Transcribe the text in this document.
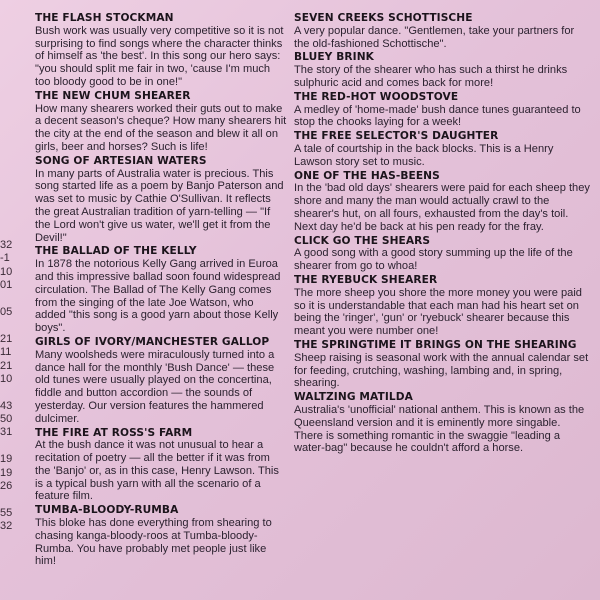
32
-1
10
01
05
21
11
21
10
43
50
31
19
19
26
55
32
THE FLASH STOCKMAN
Bush work was usually very competitive so it is not surprising to find songs where the character thinks of himself as 'the best'. In this song our hero says: "you should split me fair in two, 'cause I'm much too bloody good to be in one!"
THE NEW CHUM SHEARER
How many shearers worked their guts out to make a decent season's cheque? How many shearers hit the city at the end of the season and blew it all on girls, beer and horses? Such is life!
SONG OF ARTESIAN WATERS
In many parts of Australia water is precious. This song started life as a poem by Banjo Paterson and was set to music by Cathie O'Sullivan. It reflects the great Australian tradition of yarn-telling — "If the Lord won't give us water, we'll get it from the Devil!"
THE BALLAD OF THE KELLY
In 1878 the notorious Kelly Gang arrived in Euroa and this impressive ballad soon found widespread circulation. The Ballad of The Kelly Gang comes from the singing of the late Joe Watson, who added "this song is a good yarn about those Kelly boys".
GIRLS OF IVORY/MANCHESTER GALLOP
Many woolsheds were miraculously turned into a dance hall for the monthly 'Bush Dance' — these old tunes were usually played on the concertina, fiddle and button accordion — the sounds of yesterday. Our version features the hammered dulcimer.
THE FIRE AT ROSS'S FARM
At the bush dance it was not unusual to hear a recitation of poetry — all the better if it was from the 'Banjo' or, as in this case, Henry Lawson. This is a typical bush yarn with all the scenario of a feature film.
TUMBA-BLOODY-RUMBA
This bloke has done everything from shearing to chasing kanga-bloody-roos at Tumba-bloody-Rumba. You have probably met people just like him!
SEVEN CREEKS SCHOTTISCHE
A very popular dance. "Gentlemen, take your partners for the old-fashioned Schottische".
BLUEY BRINK
The story of the shearer who has such a thirst he drinks sulphuric acid and comes back for more!
THE RED-HOT WOODSTOVE
A medley of 'home-made' bush dance tunes guaranteed to stop the chooks laying for a week!
THE FREE SELECTOR'S DAUGHTER
A tale of courtship in the back blocks. This is a Henry Lawson story set to music.
ONE OF THE HAS-BEENS
In the 'bad old days' shearers were paid for each sheep they shore and many the man would actually crawl to the shearer's hut, on all fours, exhausted from the day's toil. Next day he'd be back at his pen ready for the fray.
CLICK GO THE SHEARS
A good song with a good story summing up the life of the shearer from go to whoa!
THE RYEBUCK SHEARER
The more sheep you shore the more money you were paid so it is understandable that each man had his heart set on being the 'ringer', 'gun' or 'ryebuck' shearer because this meant you were number one!
THE SPRINGTIME IT BRINGS ON THE SHEARING
Sheep raising is seasonal work with the annual calendar set for feeding, crutching, washing, lambing and, in spring, shearing.
WALTZING MATILDA
Australia's 'unofficial' national anthem. This is known as the Queensland version and it is eminently more singable. There is something romantic in the swaggie "leading a water-bag" because he couldn't afford a horse.
